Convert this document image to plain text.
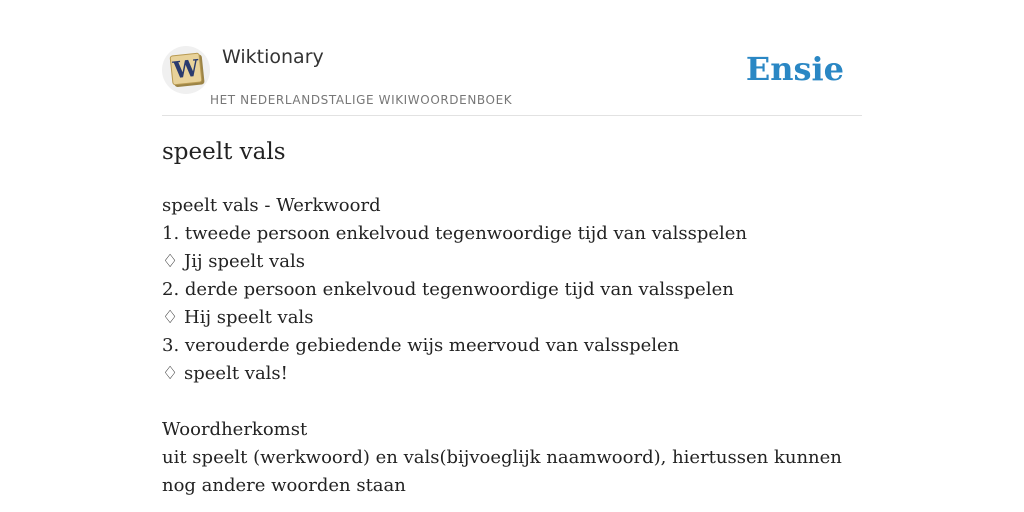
W Wiktionary
HET NEDERLANDSTALIGE WIKIWOORDENBOEK
Ensie
speelt vals
speelt vals - Werkwoord
1. tweede persoon enkelvoud tegenwoordige tijd van valsspelen
♢ Jij speelt vals
2. derde persoon enkelvoud tegenwoordige tijd van valsspelen
♢ Hij speelt vals
3. verouderde gebiedende wijs meervoud van valsspelen
♢ speelt vals!
Woordherkomst
uit speelt (werkwoord) en vals(bijvoeglijk naamwoord), hiertussen kunnen nog andere woorden staan
